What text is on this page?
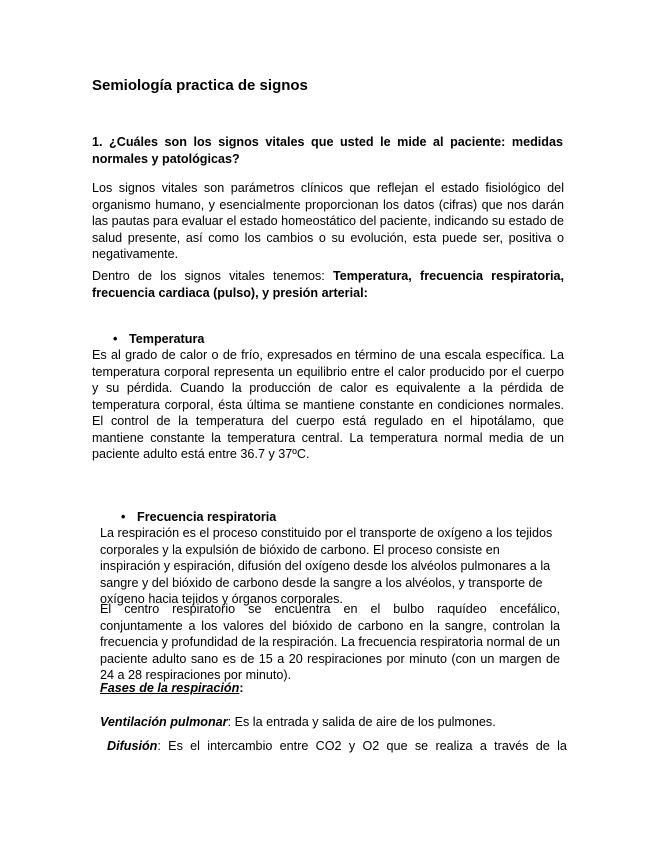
Semiología practica de signos

1. ¿Cuáles son los signos vitales que usted le mide al paciente: medidas normales y patológicas?

Los signos vitales son parámetros clínicos que reflejan el estado fisiológico del organismo humano, y esencialmente proporcionan los datos (cifras) que nos darán las pautas para evaluar el estado homeostático del paciente, indicando su estado de salud presente, así como los cambios o su evolución, esta puede ser, positiva o negativamente.

Dentro de los signos vitales tenemos: Temperatura, frecuencia respiratoria, frecuencia cardiaca (pulso), y presión arterial:

• Temperatura

Es al grado de calor o de frío, expresados en término de una escala específica. La temperatura corporal representa un equilibrio entre el calor producido por el cuerpo y su pérdida. Cuando la producción de calor es equivalente a la pérdida de temperatura corporal, ésta última se mantiene constante en condiciones normales. El control de la temperatura del cuerpo está regulado en el hipotálamo, que mantiene constante la temperatura central. La temperatura normal media de un paciente adulto está entre 36.7 y 37ºC.

• Frecuencia respiratoria

La respiración es el proceso constituido por el transporte de oxígeno a los tejidos corporales y la expulsión de bióxido de carbono. El proceso consiste en inspiración y espiración, difusión del oxígeno desde los alvéolos pulmonares a la sangre y del bióxido de carbono desde la sangre a los alvéolos, y transporte de oxígeno hacia tejidos y órganos corporales.

El centro respiratorio se encuentra en el bulbo raquídeo encefálico, conjuntamente a los valores del bióxido de carbono en la sangre, controlan la frecuencia y profundidad de la respiración. La frecuencia respiratoria normal de un paciente adulto sano es de 15 a 20 respiraciones por minuto (con un margen de 24 a 28 respiraciones por minuto).

Fases de la respiración:

Ventilación pulmonar: Es la entrada y salida de aire de los pulmones.

Difusión: Es el intercambio entre CO2 y O2 que se realiza a través de la
